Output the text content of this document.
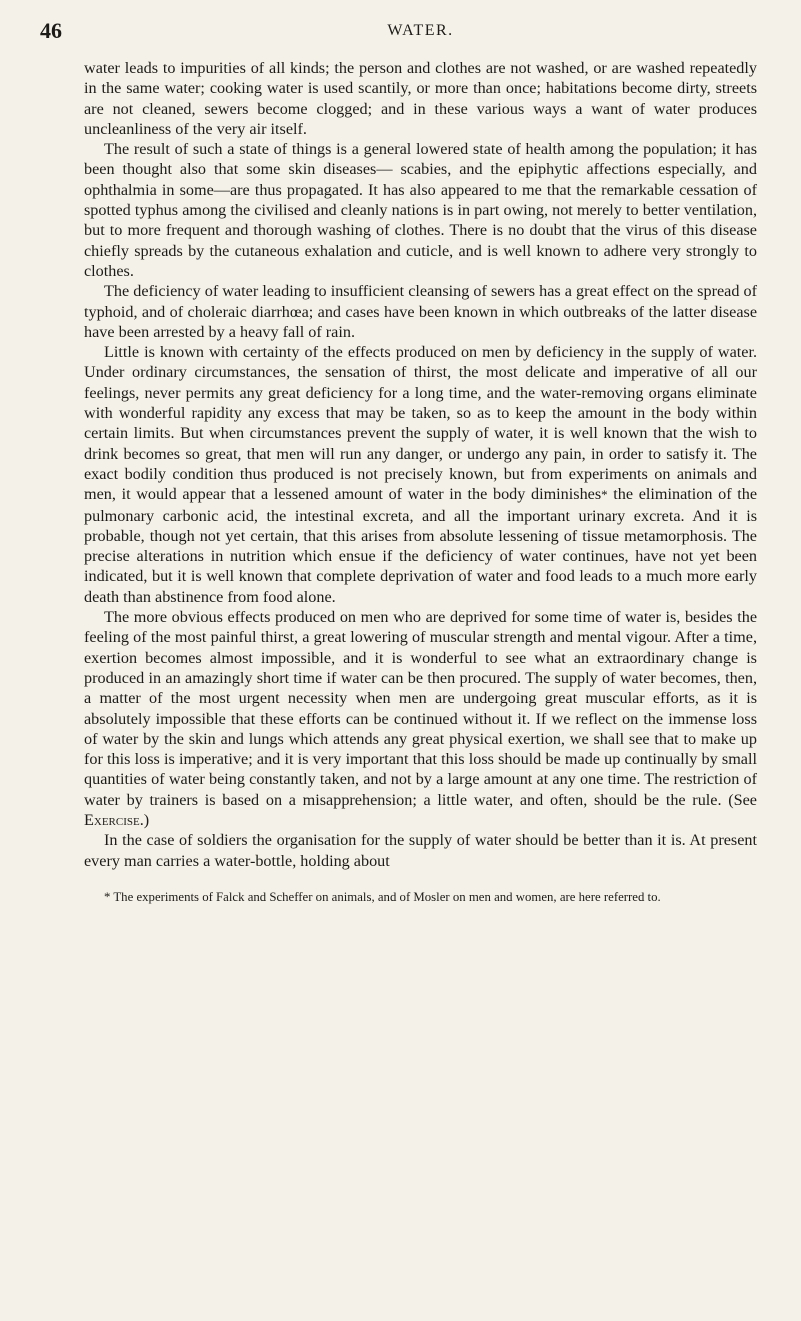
46	WATER.

water leads to impurities of all kinds; the person and clothes are not washed, or are washed repeatedly in the same water; cooking water is used scantily, or more than once; habitations become dirty, streets are not cleaned, sewers become clogged; and in these various ways a want of water produces uncleanliness of the very air itself.

The result of such a state of things is a general lowered state of health among the population; it has been thought also that some skin diseases— scabies, and the epiphytic affections especially, and ophthalmia in some—are thus propagated. It has also appeared to me that the remarkable cessation of spotted typhus among the civilised and cleanly nations is in part owing, not merely to better ventilation, but to more frequent and thorough washing of clothes. There is no doubt that the virus of this disease chiefly spreads by the cutaneous exhalation and cuticle, and is well known to adhere very strongly to clothes.

The deficiency of water leading to insufficient cleansing of sewers has a great effect on the spread of typhoid, and of choleraic diarrhœa; and cases have been known in which outbreaks of the latter disease have been arrested by a heavy fall of rain.

Little is known with certainty of the effects produced on men by deficiency in the supply of water. Under ordinary circumstances, the sensation of thirst, the most delicate and imperative of all our feelings, never permits any great deficiency for a long time, and the water-removing organs eliminate with wonderful rapidity any excess that may be taken, so as to keep the amount in the body within certain limits. But when circumstances prevent the supply of water, it is well known that the wish to drink becomes so great, that men will run any danger, or undergo any pain, in order to satisfy it. The exact bodily condition thus produced is not precisely known, but from experiments on animals and men, it would appear that a lessened amount of water in the body diminishes* the elimination of the pulmonary carbonic acid, the intestinal excreta, and all the important urinary excreta. And it is probable, though not yet certain, that this arises from absolute lessening of tissue metamorphosis. The precise alterations in nutrition which ensue if the deficiency of water continues, have not yet been indicated, but it is well known that complete deprivation of water and food leads to a much more early death than abstinence from food alone.

The more obvious effects produced on men who are deprived for some time of water is, besides the feeling of the most painful thirst, a great lowering of muscular strength and mental vigour. After a time, exertion becomes almost impossible, and it is wonderful to see what an extraordinary change is produced in an amazingly short time if water can be then procured. The supply of water becomes, then, a matter of the most urgent necessity when men are undergoing great muscular efforts, as it is absolutely impossible that these efforts can be continued without it. If we reflect on the immense loss of water by the skin and lungs which attends any great physical exertion, we shall see that to make up for this loss is imperative; and it is very important that this loss should be made up continually by small quantities of water being constantly taken, and not by a large amount at any one time. The restriction of water by trainers is based on a misapprehension; a little water, and often, should be the rule. (See Exercise.)

In the case of soldiers the organisation for the supply of water should be better than it is. At present every man carries a water-bottle, holding about

* The experiments of Falck and Scheffer on animals, and of Mosler on men and women, are here referred to.
